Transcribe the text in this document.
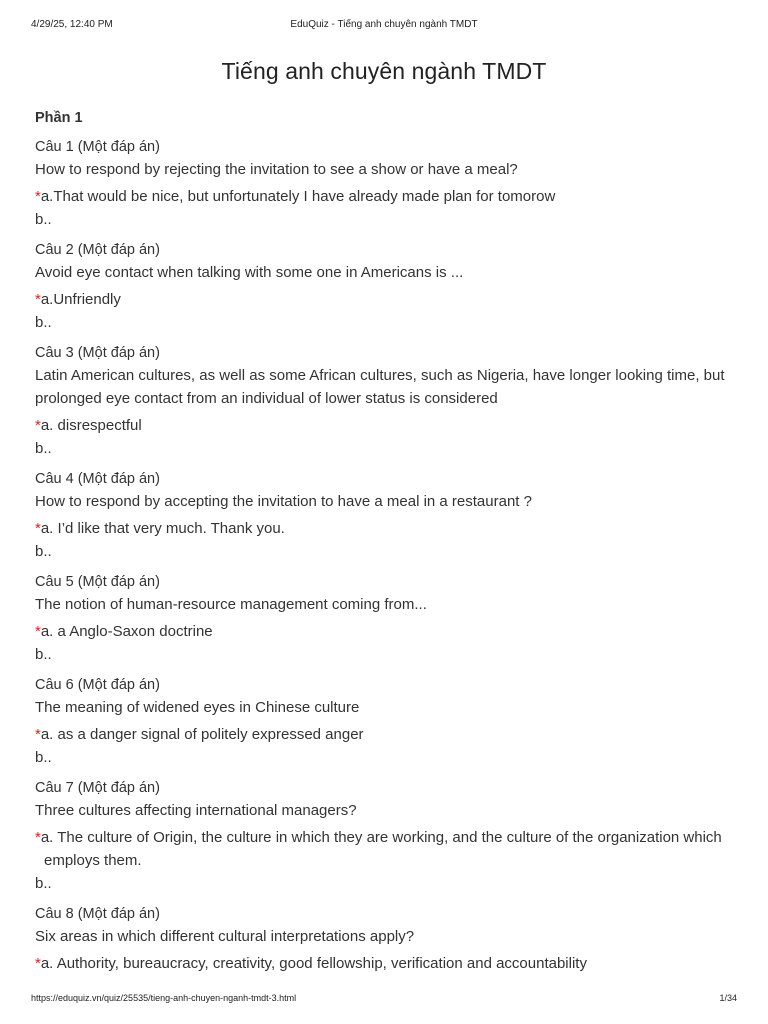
4/29/25, 12:40 PM	EduQuiz - Tiếng anh chuyên ngành TMDT
Tiếng anh chuyên ngành TMDT
Phần 1
Câu 1 (Một đáp án)
How to respond by rejecting the invitation to see a show or have a meal?
*a.That would be nice, but unfortunately I have already made plan for tomorow
b..
Câu 2 (Một đáp án)
Avoid eye contact when talking with some one in Americans is ...
*a.Unfriendly
b..
Câu 3 (Một đáp án)
Latin American cultures, as well as some African cultures, such as Nigeria, have longer looking time, but prolonged eye contact from an individual of lower status is considered
*a. disrespectful
b..
Câu 4 (Một đáp án)
How to respond by accepting the invitation to have a meal in a restaurant ?
*a. I’d like that very much. Thank you.
b..
Câu 5 (Một đáp án)
The notion of human-resource management coming from...
*a. a Anglo-Saxon doctrine
b..
Câu 6 (Một đáp án)
The meaning of widened eyes in Chinese culture
*a. as a danger signal of politely expressed anger
b..
Câu 7 (Một đáp án)
Three cultures affecting international managers?
*a. The culture of Origin, the culture in which they are working, and the culture of the organization which employs them.
b..
Câu 8 (Một đáp án)
Six areas in which different cultural interpretations apply?
*a. Authority, bureaucracy, creativity, good fellowship, verification and accountability
https://eduquiz.vn/quiz/25535/tieng-anh-chuyen-nganh-tmdt-3.html	1/34
